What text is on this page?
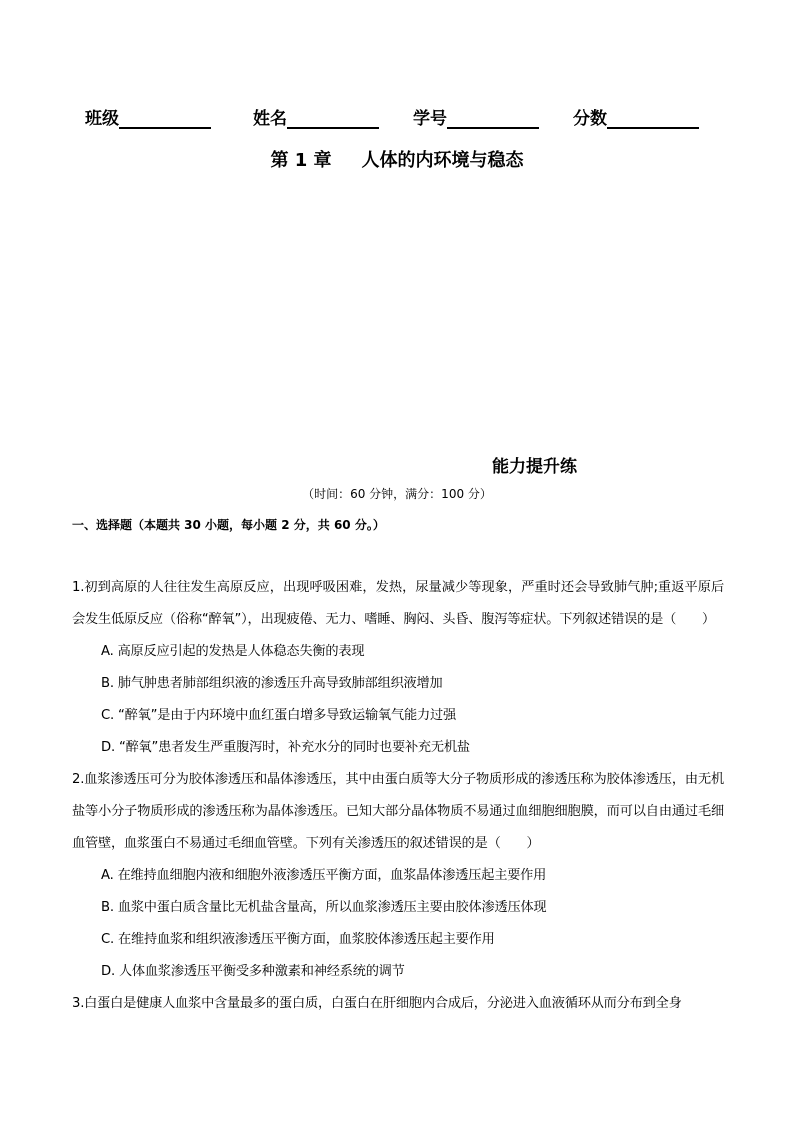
班级	姓名	学号	分数
第 1 章 人体的内环境与稳态
能力提升练
（时间：60 分钟，满分：100 分）
一、选择题（本题共 30 小题，每小题 2 分，共 60 分。）
1.初到高原的人往往发生高原反应，出现呼吸困难，发热，尿量减少等现象，严重时还会导致肺气肿;重返平原后会发生低原反应（俗称“醉氧”），出现疲倦、无力、嗜睡、胸闷、头昏、腹泻等症状。下列叙述错误的是（　　）
A. 高原反应引起的发热是人体稳态失衡的表现
B. 肺气肿患者肺部组织液的渗透压升高导致肺部组织液增加
C. “醉氧”是由于内环境中血红蛋白增多导致运输氧气能力过强
D. “醉氧”患者发生严重腹泻时，补充水分的同时也要补充无机盐
2.血浆渗透压可分为胶体渗透压和晶体渗透压，其中由蛋白质等大分子物质形成的渗透压称为胶体渗透压，由无机盐等小分子物质形成的渗透压称为晶体渗透压。已知大部分晶体物质不易通过血细胞细胞膜，而可以自由通过毛细血管壁，血浆蛋白不易通过毛细血管壁。下列有关渗透压的叙述错误的是（　　）
A. 在维持血细胞内液和细胞外液渗透压平衡方面，血浆晶体渗透压起主要作用
B. 血浆中蛋白质含量比无机盐含量高，所以血浆渗透压主要由胶体渗透压体现
C. 在维持血浆和组织液渗透压平衡方面，血浆胶体渗透压起主要作用
D. 人体血浆渗透压平衡受多种激素和神经系统的调节
3.白蛋白是健康人血浆中含量最多的蛋白质，白蛋白在肝细胞内合成后，分泌进入血液循环从而分布到全身
